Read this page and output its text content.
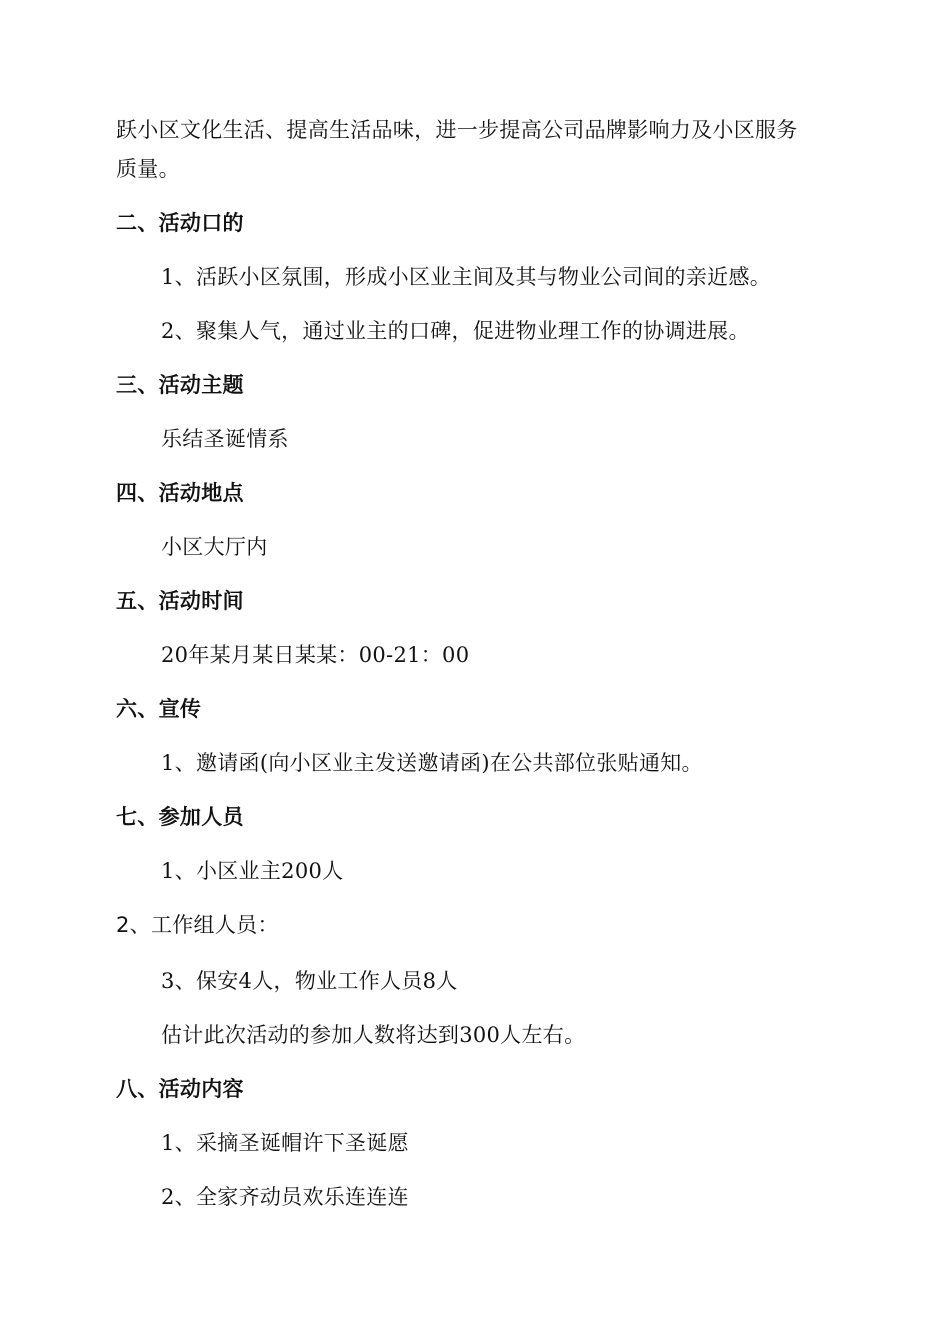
跃小区文化生活、提高生活品味，进一步提高公司品牌影响力及小区服务
质量。
二、活动口的
1、活跃小区氛围，形成小区业主间及其与物业公司间的亲近感。
2、聚集人气，通过业主的口碑，促进物业理工作的协调进展。
三、活动主题
乐结圣诞情系
四、活动地点
小区大厅内
五、活动时间
20年某月某日某某：00-21：00
六、宣传
1、邀请函(向小区业主发送邀请函)在公共部位张贴通知。
七、参加人员
1、小区业主200人
2、工作组人员：
3、保安4人，物业工作人员8人
估计此次活动的参加人数将达到300人左右。
八、活动内容
1、采摘圣诞帽许下圣诞愿
2、全家齐动员欢乐连连连
